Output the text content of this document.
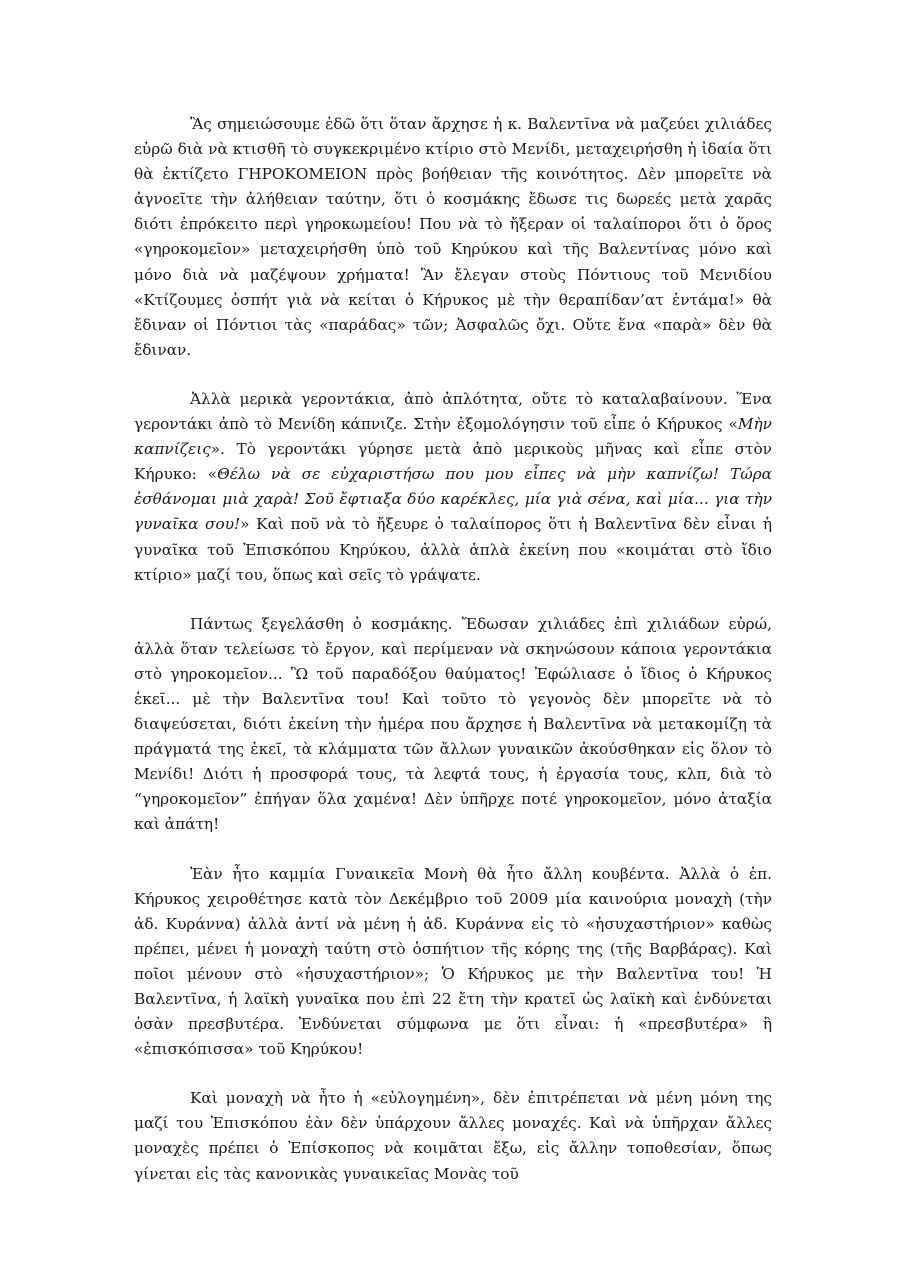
Ἂς σημειώσουμε ἐδῶ ὅτι ὅταν ἄρχησε ἡ κ. Βαλεντῖνα νὰ μαζεύει χιλιάδες εὐρῶ διὰ νὰ κτισθῆ τὸ συγκεκριμένο κτίριο στὸ Μενίδι, μεταχειρήσθη ἡ ἰδαία ὅτι θὰ ἐκτίζετο ΓΗΡΟΚΟΜΕΙΟΝ πρὸς βοήθειαν τῆς κοινότητος. Δὲν μπορεῖτε νὰ ἀγνοεῖτε τὴν ἀλήθειαν ταύτην, ὅτι ὁ κοσμάκης ἔδωσε τις δωρεές μετὰ χαρᾶς διότι ἐπρόκειτο περὶ γηροκωμείου! Που νὰ τὸ ἤξεραν οἱ ταλαίποροι ὅτι ὁ ὅρος «γηροκομεῖον» μεταχειρήσθη ὑπὸ τοῦ Κηρύκου καὶ τῆς Βαλεντίνας μόνο καὶ μόνο διὰ νὰ μαζέψουν χρήματα! Ἂν ἔλεγαν στοὺς Πόντιους τοῦ Μενιδίου «Κτίζουμες ὁσπήτ γιὰ νὰ κείται ὁ Κήρυκος μὲ τὴν θεραπίδαν’ατ ἐντάμα!» θὰ ἔδιναν οἱ Πόντιοι τὰς «παράδας» τῶν; Ἀσφαλῶς ὄχι. Οὔτε ἕνα «παρὰ» δὲν θὰ ἔδιναν.

Ἀλλὰ μερικὰ γεροντάκια, ἀπὸ ἀπλότητα, οὔτε τὸ καταλαβαίνουν. Ἕνα γεροντάκι ἀπὸ τὸ Μενίδη κάπνιζε. Στὴν ἐξομολόγησιν τοῦ εἶπε ὁ Κήρυκος «Μὴν καπνίζεις». Τὸ γεροντάκι γύρησε μετὰ ἀπὸ μερικοὺς μῆνας καὶ εἶπε στὸν Κήρυκο: «Θέλω νὰ σε εὐχαριστήσω που μου εἶπες νὰ μὴν καπνίζω! Τώρα ἐσθάνομαι μιὰ χαρὰ! Σοῦ ἔφτιαξα δύο καρέκλες, μία γιὰ σένα, καὶ μία... για τὴν γυναῖκα σου!» Καὶ ποῦ νὰ τὸ ἤξευρε ὁ ταλαίπορος ὅτι ἡ Βαλεντῖνα δὲν εἶναι ἡ γυναῖκα τοῦ Ἐπισκόπου Κηρύκου, ἀλλὰ ἁπλὰ ἐκείνη που «κοιμάται στὸ ἴδιο κτίριο» μαζί του, ὅπως καὶ σεῖς τὸ γράψατε.

Πάντως ξεγελάσθη ὁ κοσμάκης. Ἔδωσαν χιλιάδες ἐπὶ χιλιάδων εὐρώ, ἀλλὰ ὅταν τελείωσε τὸ ἔργον, καὶ περίμεναν νὰ σκηνώσουν κάποια γεροντάκια στὸ γηροκομεῖον... Ὢ τοῦ παραδόξου θαύματος! Ἐφώλιασε ὁ ἴδιος ὁ Κήρυκος ἐκεῖ... μὲ τὴν Βαλεντῖνα του! Καὶ τοῦτο τὸ γεγονὸς δὲν μπορεῖτε νὰ τὸ διαψεύσεται, διότι ἐκείνη τὴν ἡμέρα που ἄρχησε ἡ Βαλεντῖνα νὰ μετακομίζη τὰ πράγματά της ἐκεῖ, τὰ κλάμματα τῶν ἄλλων γυναικῶν ἀκούσθηκαν εἰς ὅλον τὸ Μενίδι! Διότι ἡ προσφορά τους, τὰ λεφτά τους, ἡ ἐργασία τους, κλπ, διὰ τὸ “γηροκομεῖον” ἐπήγαν ὅλα χαμένα! Δὲν ὑπῆρχε ποτέ γηροκομεῖον, μόνο ἀταξία καὶ ἀπάτη!

Ἐὰν ἦτο καμμία Γυναικεῖα Μονὴ θὰ ἦτο ἄλλη κουβέντα. Ἀλλὰ ὁ ἐπ. Κήρυκος χειροθέτησε κατὰ τὸν Δεκέμβριο τοῦ 2009 μία καινούρια μοναχὴ (τὴν ἀδ. Κυράννα) ἀλλὰ ἀντί νὰ μένη ἡ ἀδ. Κυράννα εἰς τὸ «ἡσυχαστήριον» καθὼς πρέπει, μένει ἡ μοναχὴ ταύτη στὸ ὁσπήτιον τῆς κόρης της (τῆς Βαρβάρας). Καὶ ποῖοι μένουν στὸ «ἡσυχαστήριον»; Ὁ Κήρυκος με τὴν Βαλεντῖνα του! Ἡ Βαλεντῖνα, ἡ λαϊκὴ γυναῖκα που ἐπὶ 22 ἔτη τὴν κρατεῖ ὡς λαϊκὴ καὶ ἐνδύνεται ὁσὰν πρεσβυτέρα. Ἐνδύνεται σύμφωνα με ὅτι εἶναι: ἡ «πρεσβυτέρα» ἢ «ἐπισκόπισσα» τοῦ Κηρύκου!

Καὶ μοναχὴ νὰ ἦτο ἡ «εὐλογημένη», δὲν ἐπιτρέπεται νὰ μένη μόνη της μαζί του Ἐπισκόπου ἐὰν δὲν ὑπάρχουν ἄλλες μοναχές. Καὶ νὰ ὑπῆρχαν ἄλλες μοναχὲς πρέπει ὁ Ἐπίσκοπος νὰ κοιμᾶται ἔξω, εἰς ἄλλην τοποθεσίαν, ὅπως γίνεται εἰς τὰς κανονικὰς γυναικεῖας Μονὰς τοῦ
